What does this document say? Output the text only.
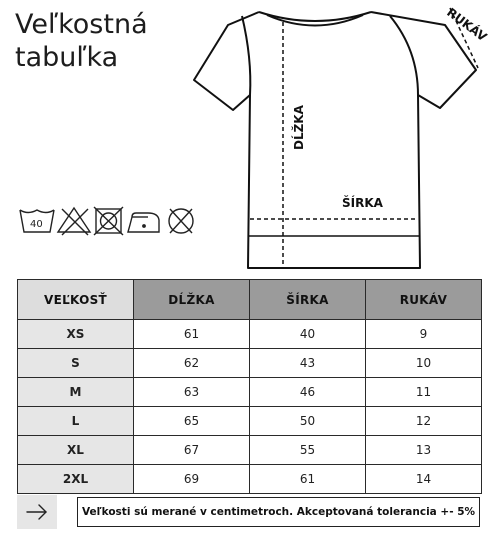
Veľkostná
tabuľka
DĹŽKA
ŠÍRKA
RUKÁV
40
VEĽKOSŤ	DĹŽKA	ŠÍRKA	RUKÁV
XS	61	40	9
S	62	43	10
M	63	46	11
L	65	50	12
XL	67	55	13
2XL	69	61	14
Veľkosti sú merané v centimetroch. Akceptovaná tolerancia +- 5%
